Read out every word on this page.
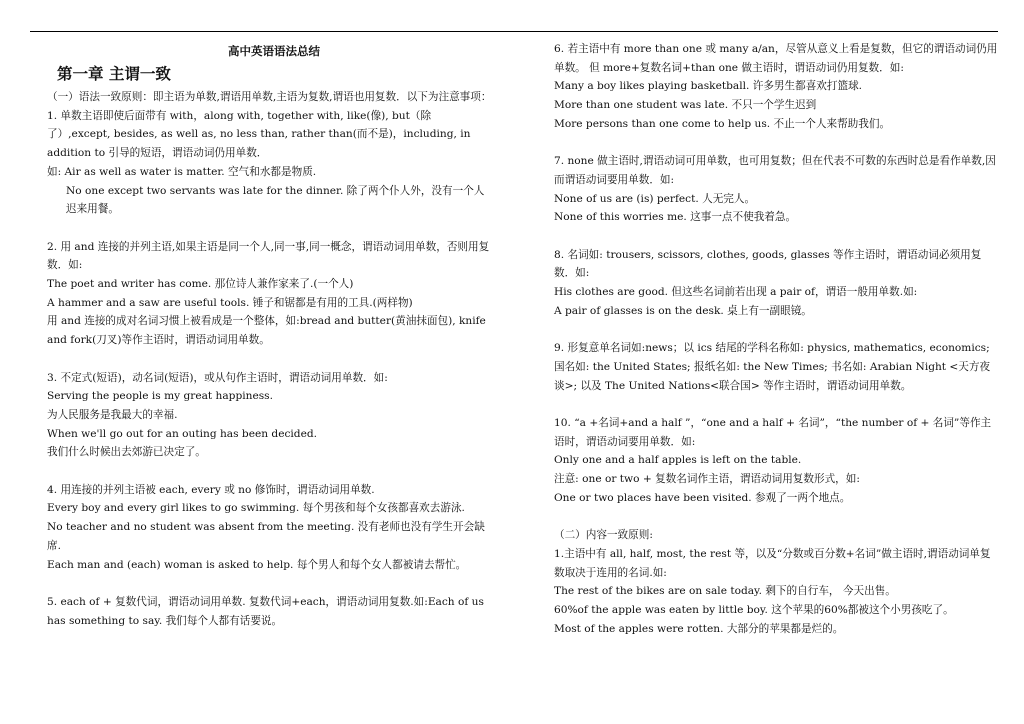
高中英语语法总结
第一章 主谓一致

（一）语法一致原则：即主语为单数,谓语用单数,主语为复数,谓语也用复数．以下为注意事项：

1. 单数主语即使后面带有 with，along with, together with, like(像), but（除了）,except, besides, as well as, no less than, rather than(而不是)，including, in addition to 引导的短语，谓语动词仍用单数．

如: Air as well as water is matter. 空气和水都是物质.

No one except two servants was late for the dinner. 除了两个仆人外，没有一个人迟来用餐。

2. 用 and 连接的并列主语,如果主语是同一个人,同一事,同一概念，谓语动词用单数，否则用复数．如:

The poet and writer has come. 那位诗人兼作家来了.(一个人)

A hammer and a saw are useful tools. 锤子和锯都是有用的工具.(两样物)

用 and 连接的成对名词习惯上被看成是一个整体，如:bread and butter(黄油抹面包), knife and fork(刀叉)等作主语时，谓语动词用单数。

3. 不定式(短语)，动名词(短语)，或从句作主语时，谓语动词用单数．如:

Serving the people is my great happiness.

为人民服务是我最大的幸福.

When we'll go out for an outing has been decided.

我们什么时候出去郊游已决定了。

4. 用连接的并列主语被 each, every 或 no 修饰时，谓语动词用单数.

Every boy and every girl likes to go swimming. 每个男孩和每个女孩都喜欢去游泳.

No teacher and no student was absent from the meeting. 没有老师也没有学生开会缺席.

Each man and (each) woman is asked to help. 每个男人和每个女人都被请去帮忙。

5. each of + 复数代词，谓语动词用单数. 复数代词+each，谓语动词用复数.如:Each of us has something to say. 我们每个人都有话要说。

6. 若主语中有 more than one 或 many a/an，尽管从意义上看是复数，但它的谓语动词仍用单数。 但 more+复数名词+than one 做主语时，谓语动词仍用复数．如:

Many a boy likes playing basketball. 许多男生都喜欢打篮球.

More than one student was late. 不只一个学生迟到

More persons than one come to help us. 不止一个人来帮助我们。

7. none 做主语时,谓语动词可用单数，也可用复数；但在代表不可数的东西时总是看作单数,因而谓语动词要用单数．如:

None of us are (is) perfect. 人无完人。

None of this worries me. 这事一点不使我着急。

8. 名词如: trousers, scissors, clothes, goods, glasses 等作主语时，谓语动词必须用复数．如:

His clothes are good. 但这些名词前若出现 a pair of，谓语一般用单数.如:

A pair of glasses is on the desk. 桌上有一副眼镜。

9. 形复意单名词如:news；以 ics 结尾的学科名称如: physics, mathematics, economics; 国名如: the United States; 报纸名如: the New Times; 书名如: Arabian Night <天方夜谈>; 以及 The United Nations<联合国> 等作主语时，谓语动词用单数。

10. “a +名词+and a half ”，“one and a half + 名词”，“the number of + 名词”等作主语时，谓语动词要用单数．如:

Only one and a half apples is left on the table.

注意: one or two + 复数名词作主语，谓语动词用复数形式，如:

One or two places have been visited. 参观了一两个地点。

（二）内容一致原则:

1.主语中有 all, half, most, the rest 等，以及“分数或百分数+名词”做主语时,谓语动词单复数取决于连用的名词.如:

The rest of the bikes are on sale today. 剩下的自行车， 今天出售。

60%of the apple was eaten by little boy. 这个苹果的60%都被这个小男孩吃了。

Most of the apples were rotten. 大部分的苹果都是烂的。
